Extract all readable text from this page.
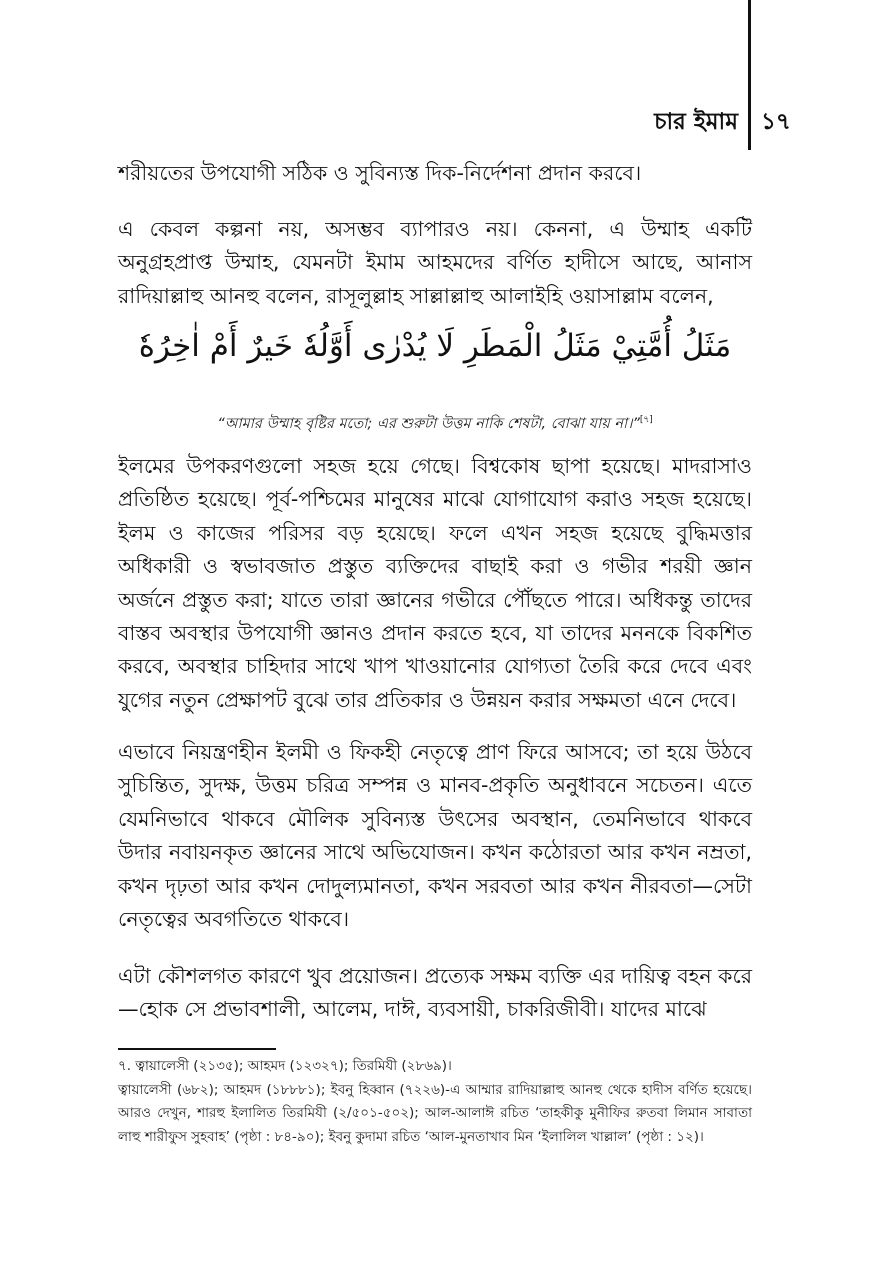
চার ইমাম ১৭

শরীয়তের উপযোগী সঠিক ও সুবিন্যস্ত দিক-নির্দেশনা প্রদান করবে।

এ কেবল কল্পনা নয়, অসম্ভব ব্যাপারও নয়। কেননা, এ উম্মাহ একটি অনুগ্রহপ্রাপ্ত উম্মাহ, যেমনটা ইমাম আহমদের বর্ণিত হাদীসে আছে, আনাস রাদিয়াল্লাহু আনহু বলেন, রাসূলুল্লাহ সাল্লাল্লাহু আলাইহি ওয়াসাল্লাম বলেন,

مَثَلُ أُمَّتِيْ مَثَلُ الْمَطَرِ لَا يُدْرٰى أَوَّلُهٗ خَيرٌ أَمْ اٰخِرُهٗ

“আমার উম্মাহ বৃষ্টির মতো; এর শুরুটা উত্তম নাকি শেষটা, বোঝা যায় না।”[৭]

ইলমের উপকরণগুলো সহজ হয়ে গেছে। বিশ্বকোষ ছাপা হয়েছে। মাদরাসাও প্রতিষ্ঠিত হয়েছে। পূর্ব-পশ্চিমের মানুষের মাঝে যোগাযোগ করাও সহজ হয়েছে। ইলম ও কাজের পরিসর বড় হয়েছে। ফলে এখন সহজ হয়েছে বুদ্ধিমত্তার অধিকারী ও স্বভাবজাত প্রস্তুত ব্যক্তিদের বাছাই করা ও গভীর শরয়ী জ্ঞান অর্জনে প্রস্তুত করা; যাতে তারা জ্ঞানের গভীরে পৌঁছতে পারে। অধিকন্তু তাদের বাস্তব অবস্থার উপযোগী জ্ঞানও প্রদান করতে হবে, যা তাদের মননকে বিকশিত করবে, অবস্থার চাহিদার সাথে খাপ খাওয়ানোর যোগ্যতা তৈরি করে দেবে এবং যুগের নতুন প্রেক্ষাপট বুঝে তার প্রতিকার ও উন্নয়ন করার সক্ষমতা এনে দেবে।

এভাবে নিয়ন্ত্রণহীন ইলমী ও ফিকহী নেতৃত্বে প্রাণ ফিরে আসবে; তা হয়ে উঠবে সুচিন্তিত, সুদক্ষ, উত্তম চরিত্র সম্পন্ন ও মানব-প্রকৃতি অনুধাবনে সচেতন। এতে যেমনিভাবে থাকবে মৌলিক সুবিন্যস্ত উৎসের অবস্থান, তেমনিভাবে থাকবে উদার নবায়নকৃত জ্ঞানের সাথে অভিযোজন। কখন কঠোরতা আর কখন নম্রতা, কখন দৃঢ়তা আর কখন দোদুল্যমানতা, কখন সরবতা আর কখন নীরবতা—সেটা নেতৃত্বের অবগতিতে থাকবে।

এটা কৌশলগত কারণে খুব প্রয়োজন। প্রত্যেক সক্ষম ব্যক্তি এর দায়িত্ব বহন করে—হোক সে প্রভাবশালী, আলেম, দাঈ, ব্যবসায়ী, চাকরিজীবী। যাদের মাঝে

৭. ত্বায়ালেসী (২১৩৫); আহমদ (১২৩২৭); তিরমিযী (২৮৬৯)।

ত্বায়ালেসী (৬৮২); আহমদ (১৮৮৮১); ইবনু হিব্বান (৭২২৬)-এ আম্মার রাদিয়াল্লাহু আনহু থেকে হাদীস বর্ণিত হয়েছে। আরও দেখুন, শারহু ইলালিত তিরমিযী (২/৫০১-৫০২); আল-আলাঈ রচিত ‘তাহকীকু মুনীফির রুতবা লিমান সাবাতা লাহু শারীফুস সুহবাহ’ (পৃষ্ঠা : ৮৪-৯০); ইবনু কুদামা রচিত ‘আল-মুনতাখাব মিন ‘ইলালিল খাল্লাল’ (পৃষ্ঠা : ১২)।
